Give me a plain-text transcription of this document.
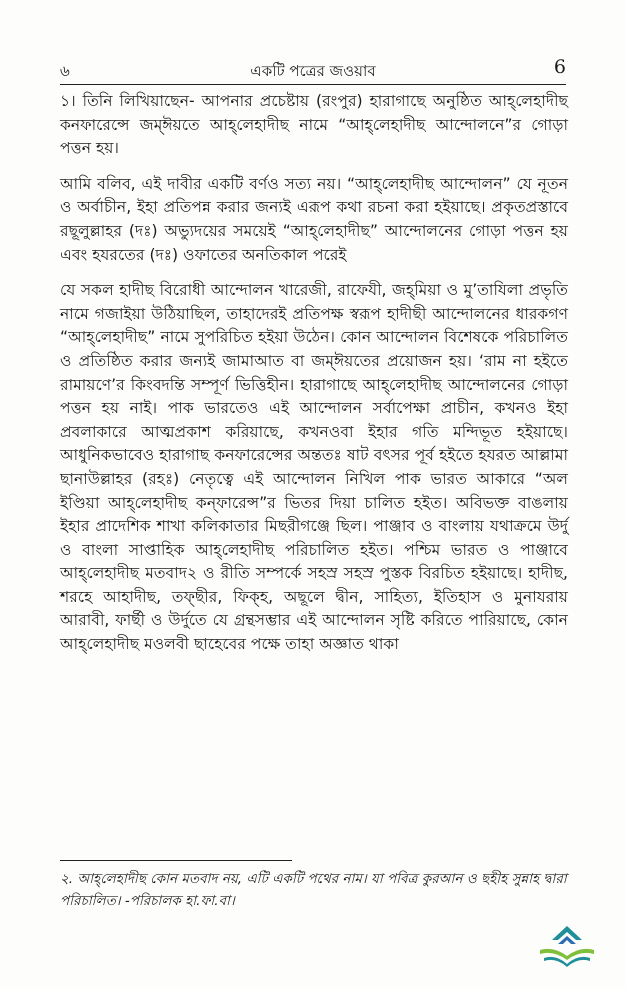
৬	একটি পত্রের জওয়াব	6

১। তিনি লিখিয়াছেন- আপনার প্রচেষ্টায় (রংপুর) হারাগাছে অনুষ্ঠিত আহ্‌লেহাদীছ কনফারেন্সে জম্‌ঈয়তে আহ্‌লেহাদীছ নামে “আহ্‌লেহাদীছ আন্দোলনে”র গোড়া পত্তন হয়।

আমি বলিব, এই দাবীর একটি বর্ণও সত্য নয়। “আহ্‌লেহাদীছ আন্দোলন” যে নূতন ও অর্বাচীন, ইহা প্রতিপন্ন করার জন্যই এরূপ কথা রচনা করা হইয়াছে। প্রকৃতপ্রস্তাবে রছূলুল্লাহর (দঃ) অভ্যুদয়ের সময়েই “আহ্‌লেহাদীছ” আন্দোলনের গোড়া পত্তন হয় এবং হযরতের (দঃ) ওফাতের অনতিকাল পরেই

যে সকল হাদীছ বিরোধী আন্দোলন খারেজী, রাফেযী, জহ্‌মিয়া ও মু’তাযিলা প্রভৃতি নামে গজাইয়া উঠিয়াছিল, তাহাদেরই প্রতিপক্ষ স্বরূপ হাদীছী আন্দোলনের ধারকগণ “আহ্‌লেহাদীছ” নামে সুপরিচিত হইয়া উঠেন। কোন আন্দোলন বিশেষকে পরিচালিত ও প্রতিষ্ঠিত করার জন্যই জামাআত বা জম্‌ঈয়তের প্রয়োজন হয়। ‘রাম না হইতে রামায়ণে’র কিংবদন্তি সম্পূর্ণ ভিত্তিহীন। হারাগাছে আহ্‌লেহাদীছ আন্দোলনের গোড়া পত্তন হয় নাই। পাক ভারতেও এই আন্দোলন সর্বাপেক্ষা প্রাচীন, কখনও ইহা প্রবলাকারে আত্মপ্রকাশ করিয়াছে, কখনওবা ইহার গতি মন্দিভূত হইয়াছে। আধুনিকভাবেও হারাগাছ কনফারেন্সের অন্ততঃ ষাট বৎসর পূর্ব হইতে হযরত আল্লামা ছানাউল্লাহর (রহঃ) নেতৃত্বে এই আন্দোলন নিখিল পাক ভারত আকারে “অল ইণ্ডিয়া আহ্‌লেহাদীছ কন্‌ফারেন্স”র ভিতর দিয়া চালিত হইত। অবিভক্ত বাঙলায় ইহার প্রাদেশিক শাখা কলিকাতার মিছরীগঞ্জে ছিল। পাঞ্জাব ও বাংলায় যথাক্রমে উর্দু ও বাংলা সাপ্তাহিক আহ্‌লেহাদীছ পরিচালিত হইত। পশ্চিম ভারত ও পাঞ্জাবে আহ্‌লেহাদীছ মতবাদ২ ও রীতি সম্পর্কে সহস্র সহস্র পুস্তক বিরচিত হইয়াছে। হাদীছ, শরহে আহাদীছ, তফ্‌ছীর, ফিক্‌হ, অছূলে দ্বীন, সাহিত্য, ইতিহাস ও মুনাযরায় আরাবী, ফার্ছী ও উর্দুতে যে গ্রন্থসম্ভার এই আন্দোলন সৃষ্টি করিতে পারিয়াছে, কোন আহ্‌লেহাদীছ মওলবী ছাহেবের পক্ষে তাহা অজ্ঞাত থাকা

২. আহ্‌লেহাদীছ কোন মতবাদ নয়, এটি একটি পথের নাম। যা পবিত্র কুরআন ও ছহীহ সুন্নাহ দ্বারা পরিচালিত। -পরিচালক হা.ফা.বা।
